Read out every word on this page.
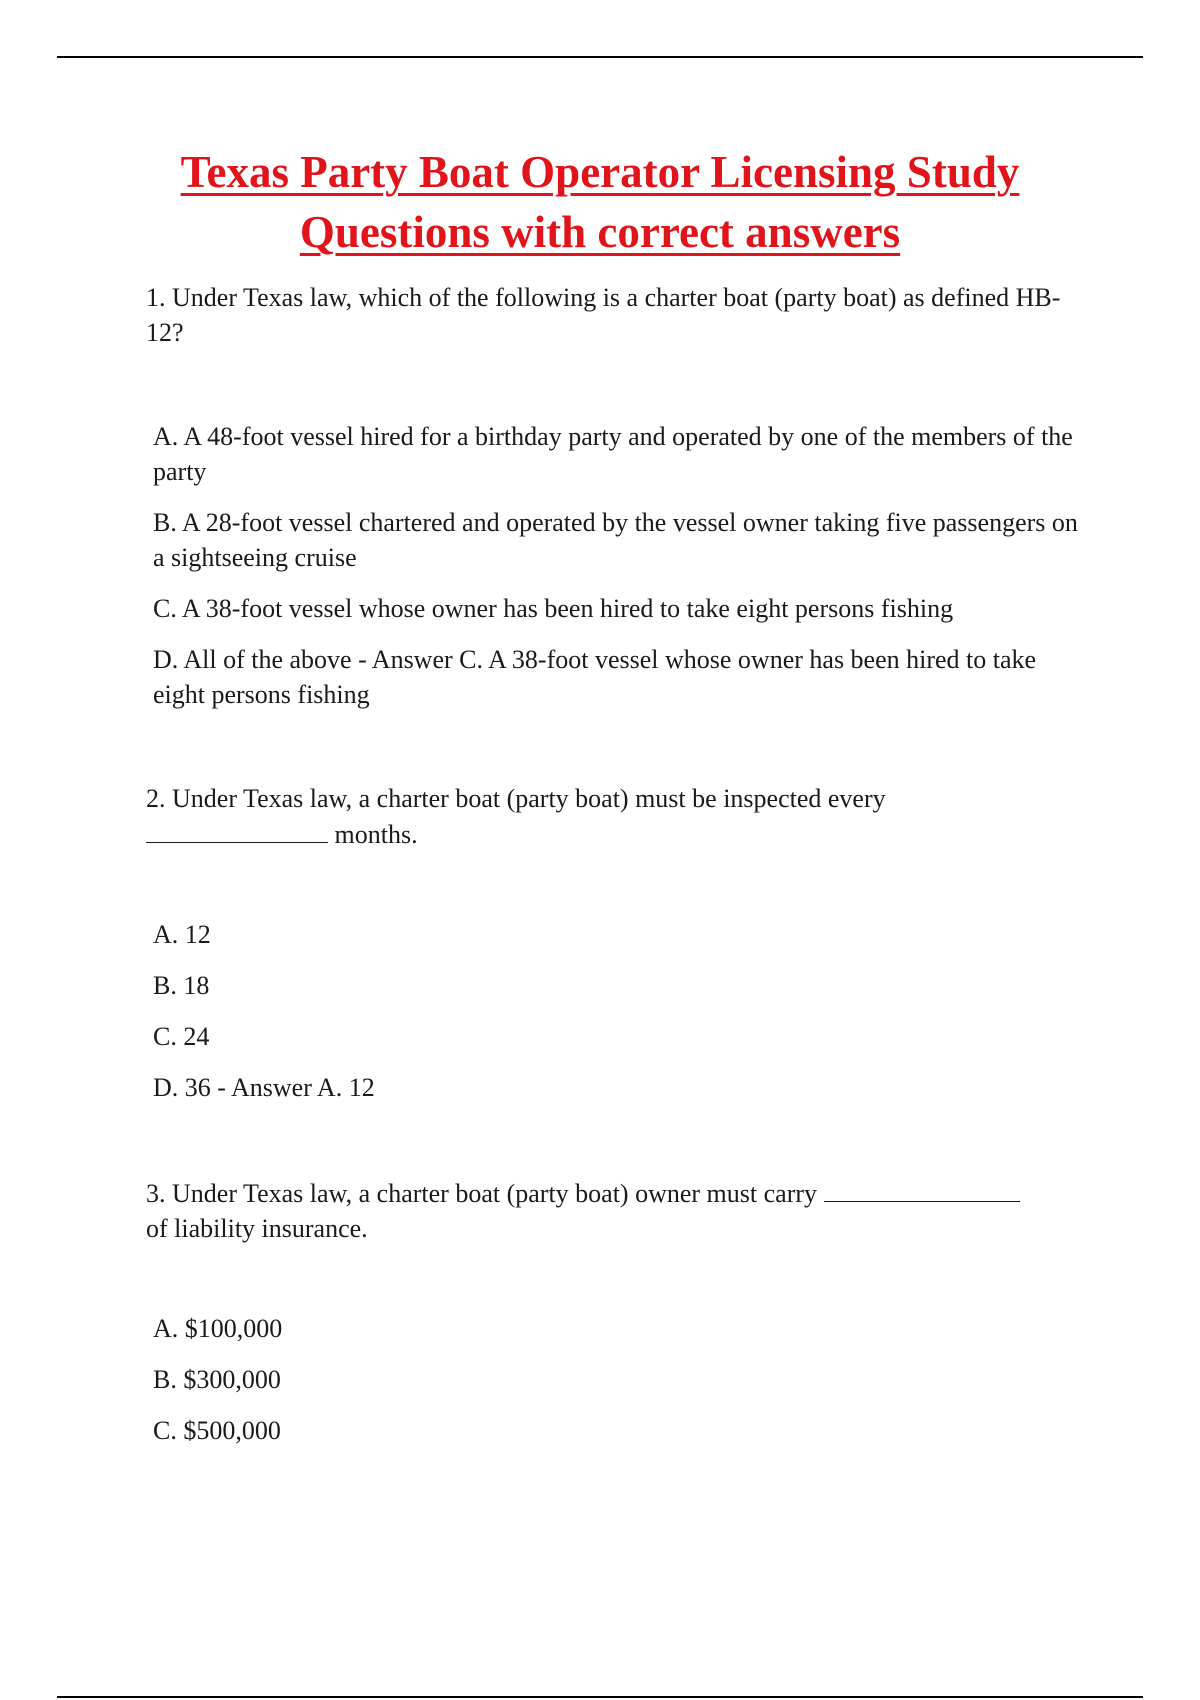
Texas Party Boat Operator Licensing Study Questions with correct answers

1. Under Texas law, which of the following is a charter boat (party boat) as defined HB-12?

A. A 48-foot vessel hired for a birthday party and operated by one of the members of the party

B. A 28-foot vessel chartered and operated by the vessel owner taking five passengers on a sightseeing cruise

C. A 38-foot vessel whose owner has been hired to take eight persons fishing

D. All of the above - Answer C. A 38-foot vessel whose owner has been hired to take eight persons fishing

2. Under Texas law, a charter boat (party boat) must be inspected every
months.

A. 12

B. 18

C. 24

D. 36 - Answer A. 12

3. Under Texas law, a charter boat (party boat) owner must carry
of liability insurance.

A. $100,000

B. $300,000

C. $500,000
